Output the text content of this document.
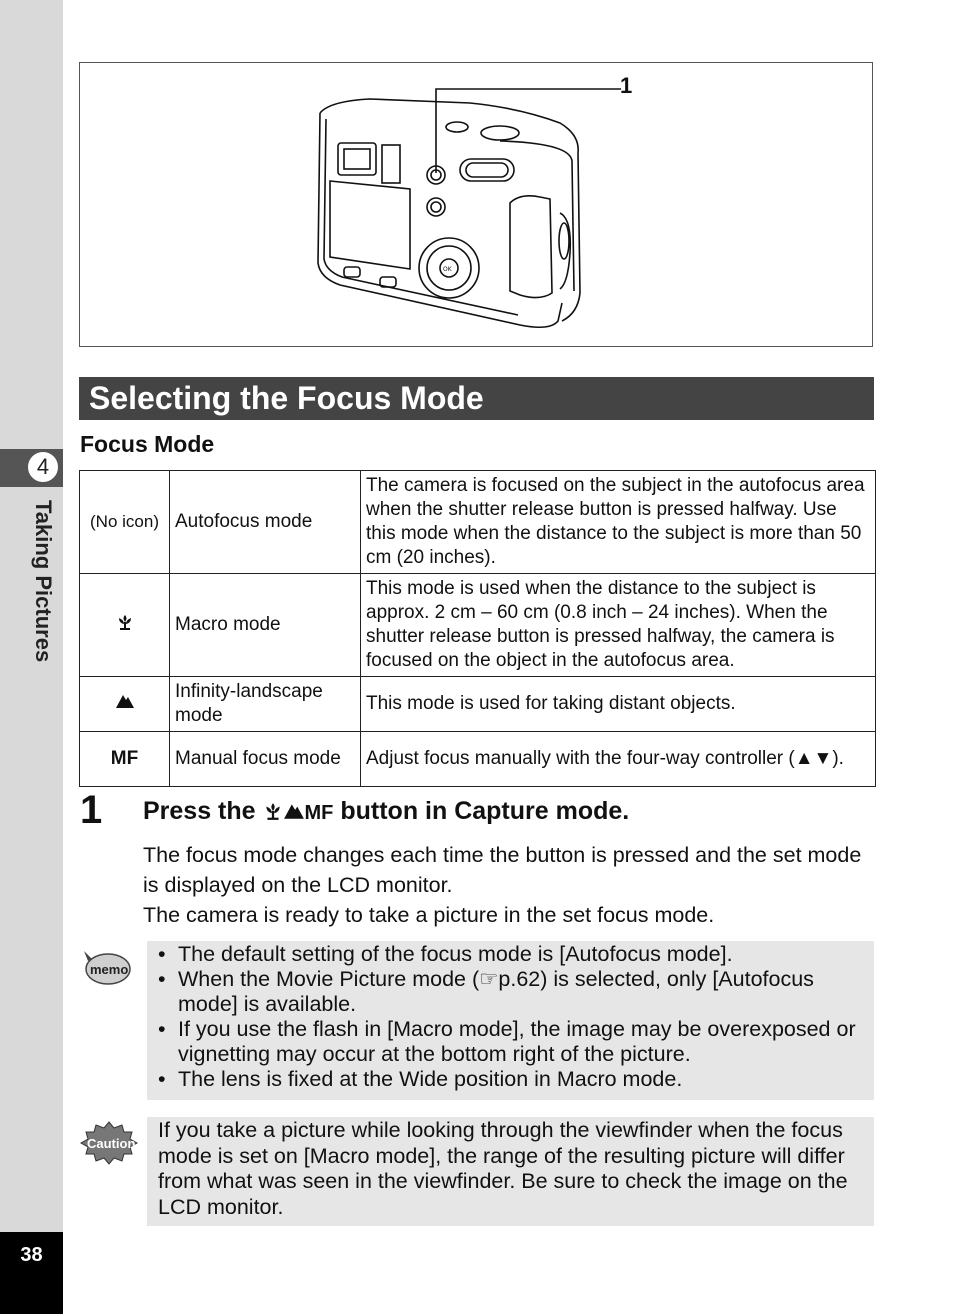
4
Taking Pictures
38
OK
1
Selecting the Focus Mode
Focus Mode
(No icon)	Autofocus mode	The camera is focused on the subject in the autofocus area when the shutter release button is pressed halfway. Use this mode when the distance to the subject is more than 50 cm (20 inches).
	Macro mode	This mode is used when the distance to the subject is approx. 2 cm – 60 cm (0.8 inch – 24 inches). When the shutter release button is pressed halfway, the camera is focused on the object in the autofocus area.
	Infinity-landscape mode	This mode is used for taking distant objects.
MF	Manual focus mode	Adjust focus manually with the four-way controller (▲▼).
1 Press the MF button in Capture mode.

The focus mode changes each time the button is pressed and the set mode is displayed on the LCD monitor.

The camera is ready to take a picture in the set focus mode.

memo
• The default setting of the focus mode is [Autofocus mode].
• When the Movie Picture mode (☞p.62) is selected, only [Autofocus mode] is available.
• If you use the flash in [Macro mode], the image may be overexposed or vignetting may occur at the bottom right of the picture.
• The lens is fixed at the Wide position in Macro mode.
Caution
If you take a picture while looking through the viewfinder when the focus mode is set on [Macro mode], the range of the resulting picture will differ from what was seen in the viewfinder. Be sure to check the image on the LCD monitor.
